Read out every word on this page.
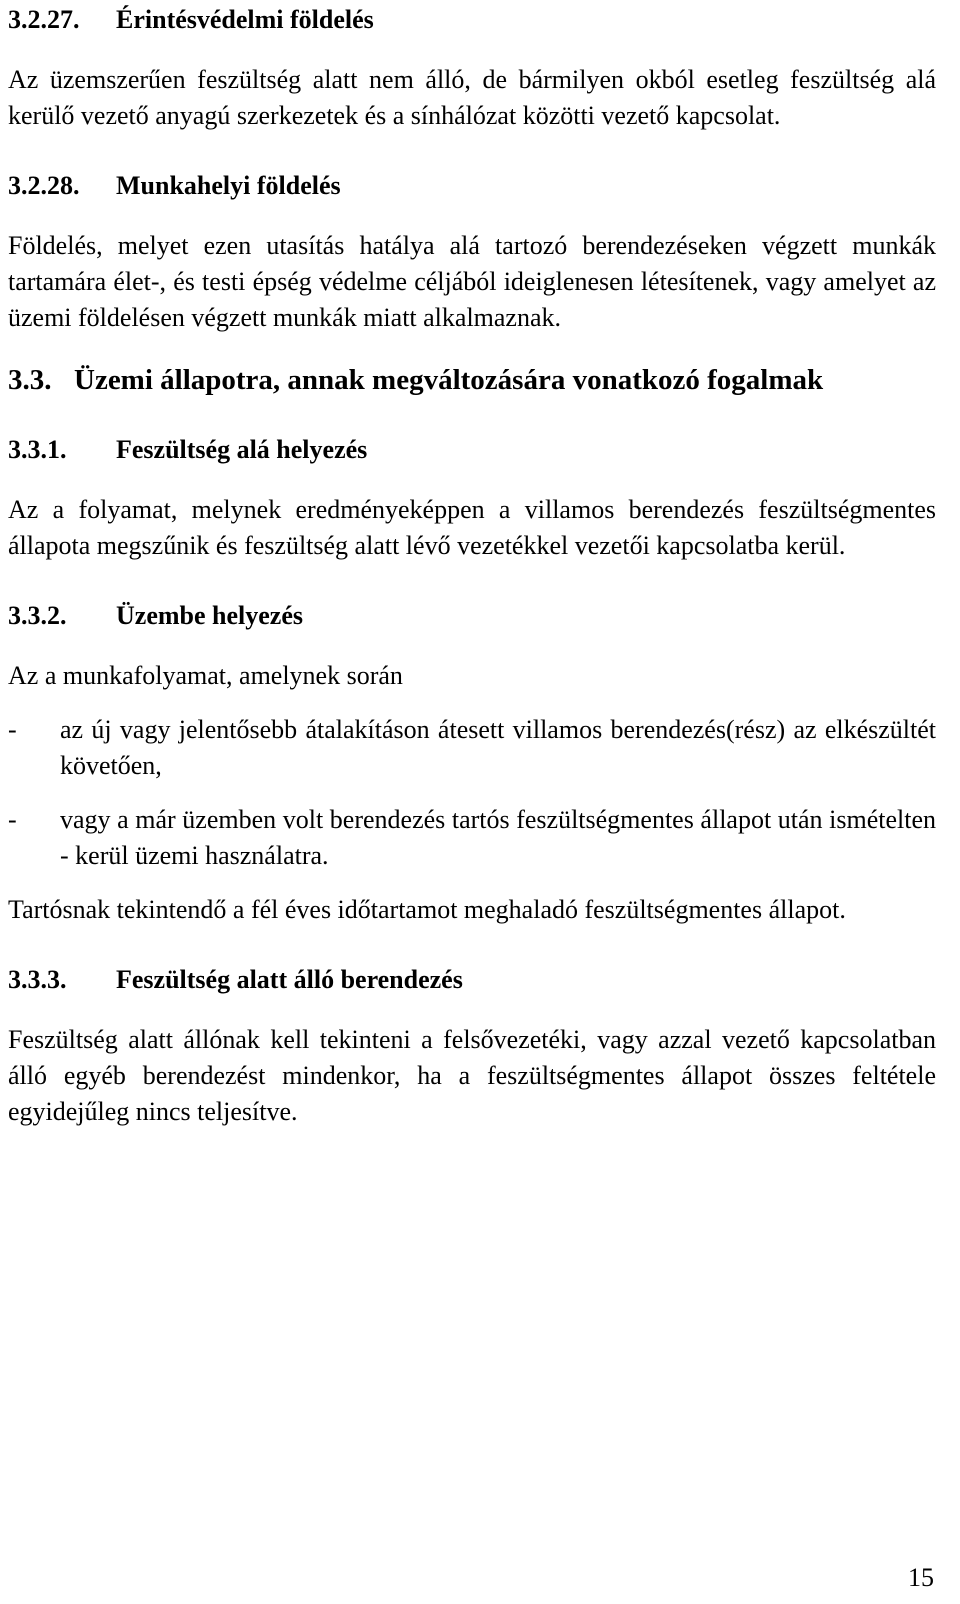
3.2.27.	Érintésvédelmi földelés

Az üzemszerűen feszültség alatt nem álló, de bármilyen okból esetleg feszültség alá kerülő vezető anyagú szerkezetek és a sínhálózat közötti vezető kapcsolat.

3.2.28.	Munkahelyi földelés

Földelés, melyet ezen utasítás hatálya alá tartozó berendezéseken végzett munkák tartamára élet-, és testi épség védelme céljából ideiglenesen létesítenek, vagy amelyet az üzemi földelésen végzett munkák miatt alkalmaznak.

3.3. Üzemi állapotra, annak megváltozására vonatkozó fogalmak
3.3.1.	Feszültség alá helyezés

Az a folyamat, melynek eredményeképpen a villamos berendezés feszültségmentes állapota megszűnik és feszültség alatt lévő vezetékkel vezetői kapcsolatba kerül.

3.3.2.	Üzembe helyezés

Az a munkafolyamat, amelynek során

-	az új vagy jelentősebb átalakításon átesett villamos berendezés(rész) az elkészültét követően,
-	vagy a már üzemben volt berendezés tartós feszültségmentes állapot után ismételten - kerül üzemi használatra.

Tartósnak tekintendő a fél éves időtartamot meghaladó feszültségmentes állapot.

3.3.3.	Feszültség alatt álló berendezés

Feszültség alatt állónak kell tekinteni a felsővezetéki, vagy azzal vezető kapcsolatban álló egyéb berendezést mindenkor, ha a feszültségmentes állapot összes feltétele egyidejűleg nincs teljesítve.

15
